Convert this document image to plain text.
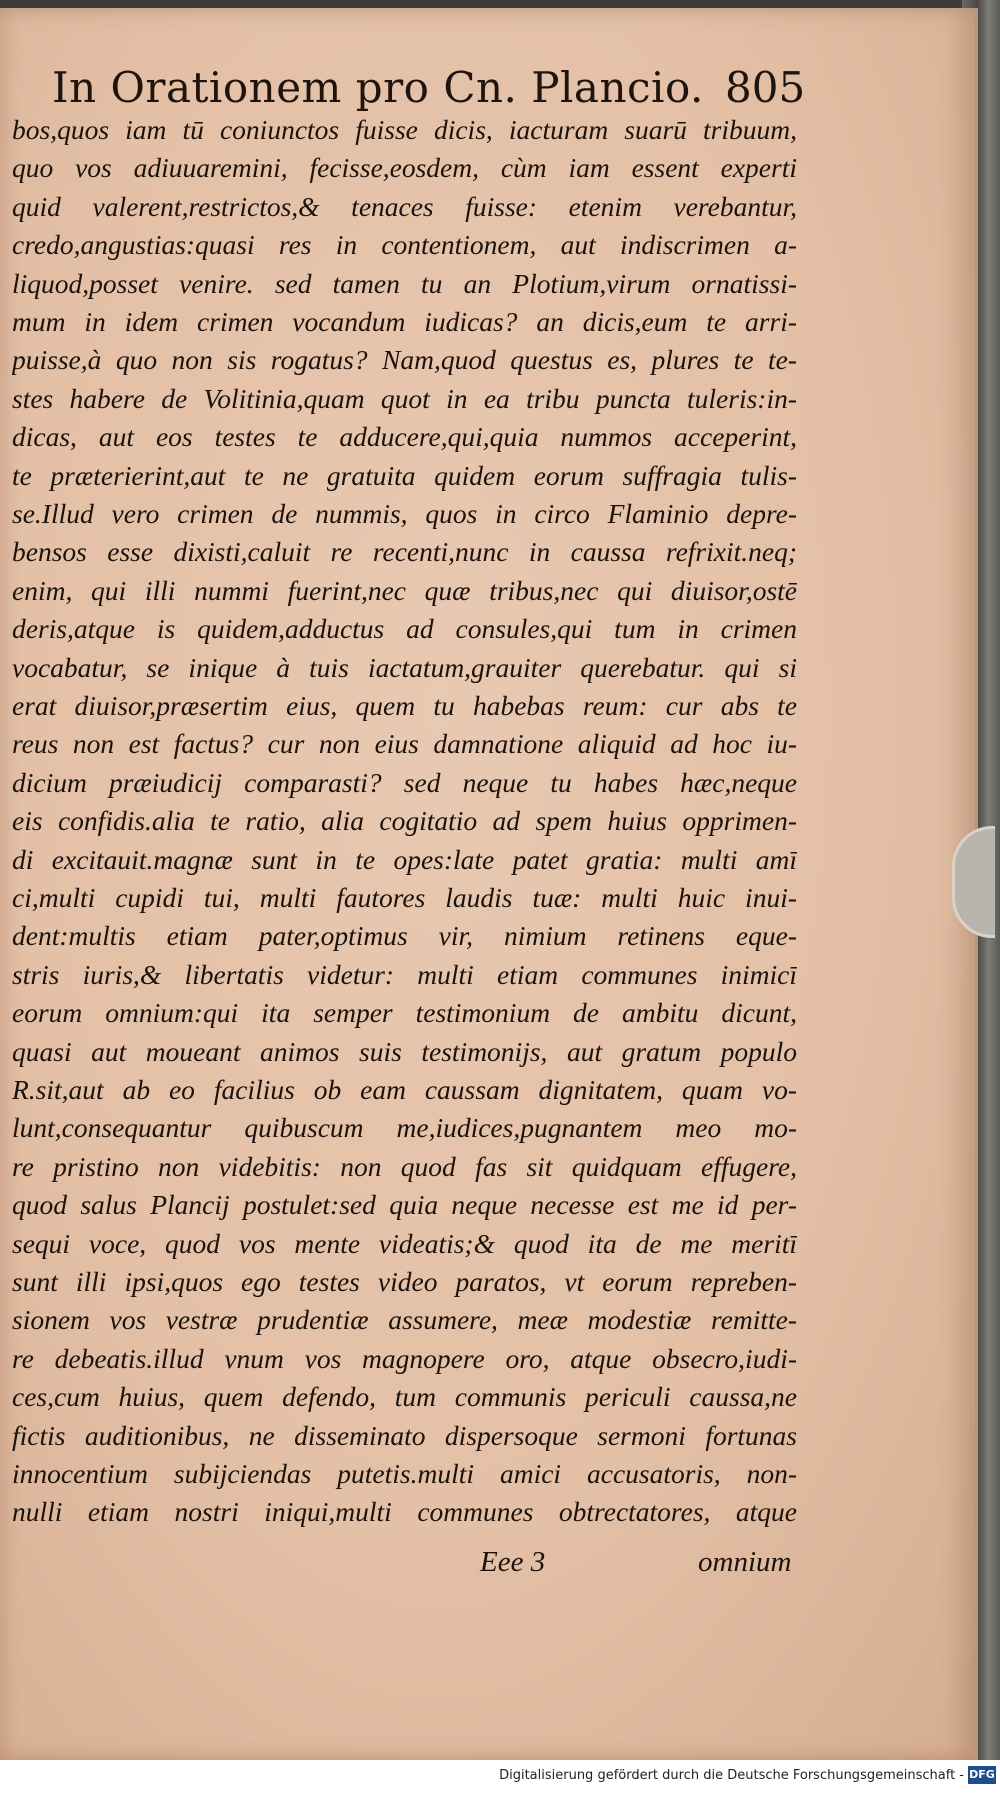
In Orationem pro Cn. Plancio. 805
bos,quos iam tū coniunctos fuisse dicis, iacturam suarū tribuum,
quo vos adiuuaremini, fecisse,eosdem, cùm iam essent experti
quid valerent,restrictos,& tenaces fuisse: etenim verebantur,
credo,angustias:quasi res in contentionem, aut indiscrimen a-
liquod,posset venire. sed tamen tu an Plotium,virum ornatissi-
mum in idem crimen vocandum iudicas? an dicis,eum te arri-
puisse,à quo non sis rogatus? Nam,quod questus es, plures te te-
stes habere de Volitinia,quam quot in ea tribu puncta tuleris:in-
dicas, aut eos testes te adducere,qui,quia nummos acceperint,
te præterierint,aut te ne gratuita quidem eorum suffragia tulis-
se.Illud vero crimen de nummis, quos in circo Flaminio depre-
bensos esse dixisti,caluit re recenti,nunc in caussa refrixit.neq;
enim, qui illi nummi fuerint,nec quæ tribus,nec qui diuisor,ostē
deris,atque is quidem,adductus ad consules,qui tum in crimen
vocabatur, se inique à tuis iactatum,grauiter querebatur. qui si
erat diuisor,præsertim eius, quem tu habebas reum: cur abs te
reus non est factus? cur non eius damnatione aliquid ad hoc iu-
dicium præiudicij comparasti? sed neque tu habes hæc,neque
eis confidis.alia te ratio, alia cogitatio ad spem huius opprimen-
di excitauit.magnæ sunt in te opes:late patet gratia: multi amī
ci,multi cupidi tui, multi fautores laudis tuæ: multi huic inui-
dent:multis etiam pater,optimus vir, nimium retinens eque-
stris iuris,& libertatis videtur: multi etiam communes inimicī
eorum omnium:qui ita semper testimonium de ambitu dicunt,
quasi aut moueant animos suis testimonijs, aut gratum populo
R.sit,aut ab eo facilius ob eam caussam dignitatem, quam vo-
lunt,consequantur quibuscum me,iudices,pugnantem meo mo-
re pristino non videbitis: non quod fas sit quidquam effugere,
quod salus Plancij postulet:sed quia neque necesse est me id per-
sequi voce, quod vos mente videatis;& quod ita de me meritī
sunt illi ipsi,quos ego testes video paratos, vt eorum repreben-
sionem vos vestræ prudentiæ assumere, meæ modestiæ remitte-
re debeatis.illud vnum vos magnopere oro, atque obsecro,iudi-
ces,cum huius, quem defendo, tum communis periculi caussa,ne
fictis auditionibus, ne disseminato dispersoque sermoni fortunas
innocentium subijciendas putetis.multi amici accusatoris, non-
nulli etiam nostri iniqui,multi communes obtrectatores, atque
Eee 3	omnium
Digitalisierung gefördert durch die Deutsche Forschungsgemeinschaft - DFG
